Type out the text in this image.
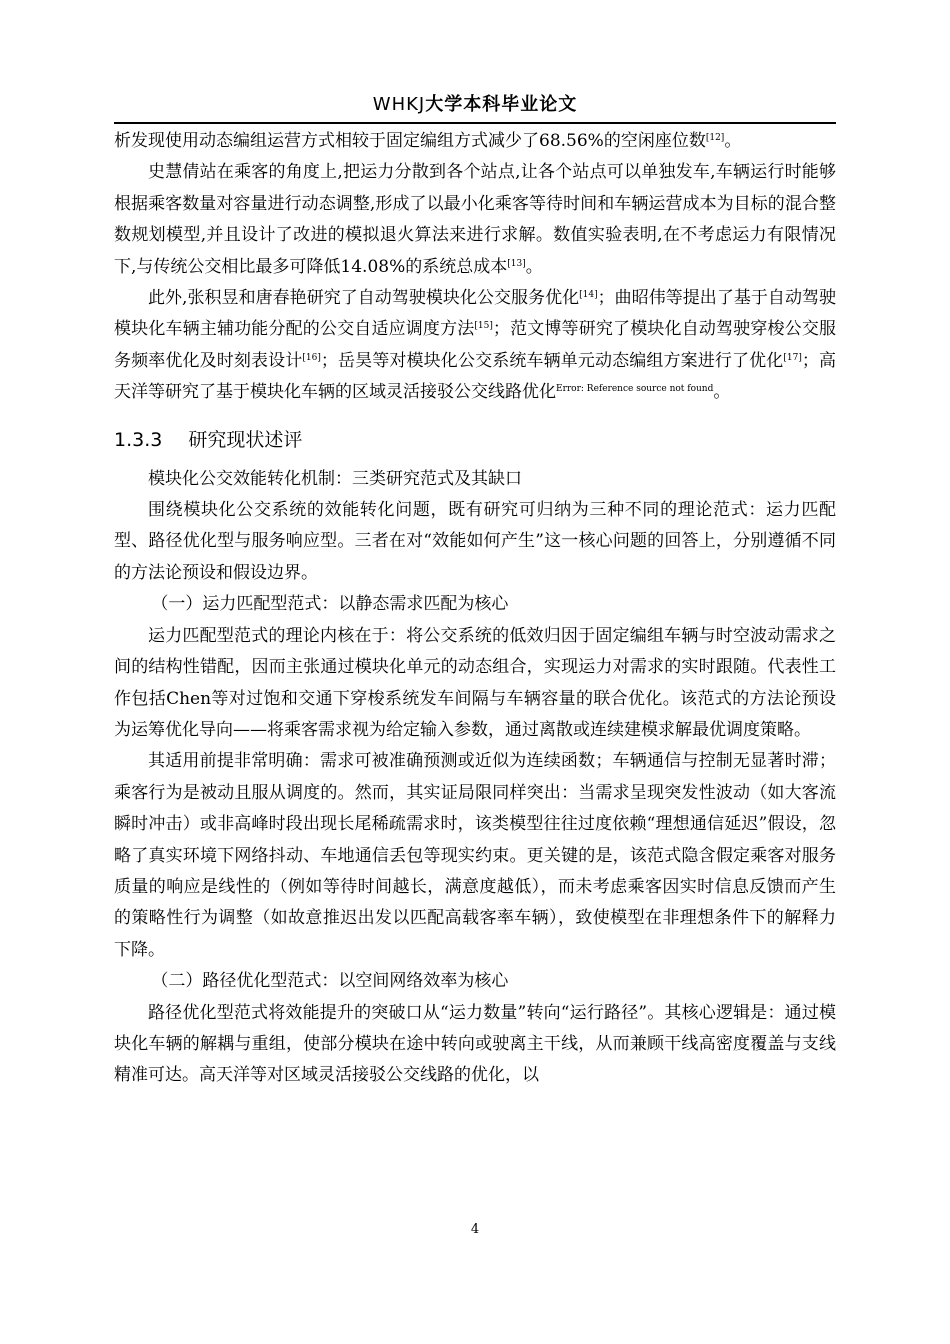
WHKJ大学本科毕业论文

析发现使用动态编组运营方式相较于固定编组方式减少了68.56%的空闲座位数[12]。

史慧倩站在乘客的角度上,把运力分散到各个站点,让各个站点可以单独发车,车辆运行时能够根据乘客数量对容量进行动态调整,形成了以最小化乘客等待时间和车辆运营成本为目标的混合整数规划模型,并且设计了改进的模拟退火算法来进行求解。数值实验表明,在不考虑运力有限情况下,与传统公交相比最多可降低14.08%的系统总成本[13]。

此外,张积昱和唐春艳研究了自动驾驶模块化公交服务优化[14]；曲昭伟等提出了基于自动驾驶模块化车辆主辅功能分配的公交自适应调度方法[15]；范文博等研究了模块化自动驾驶穿梭公交服务频率优化及时刻表设计[16]；岳昊等对模块化公交系统车辆单元动态编组方案进行了优化[17]；高天洋等研究了基于模块化车辆的区域灵活接驳公交线路优化$^{Error: Reference source not found}$。

1.3.3 研究现状述评

模块化公交效能转化机制：三类研究范式及其缺口

围绕模块化公交系统的效能转化问题，既有研究可归纳为三种不同的理论范式：运力匹配型、路径优化型与服务响应型。三者在对“效能如何产生”这一核心问题的回答上，分别遵循不同的方法论预设和假设边界。

（一）运力匹配型范式：以静态需求匹配为核心

运力匹配型范式的理论内核在于：将公交系统的低效归因于固定编组车辆与时空波动需求之间的结构性错配，因而主张通过模块化单元的动态组合，实现运力对需求的实时跟随。代表性工作包括Chen等对过饱和交通下穿梭系统发车间隔与车辆容量的联合优化。该范式的方法论预设为运筹优化导向——将乘客需求视为给定输入参数，通过离散或连续建模求解最优调度策略。

其适用前提非常明确：需求可被准确预测或近似为连续函数；车辆通信与控制无显著时滞；乘客行为是被动且服从调度的。然而，其实证局限同样突出：当需求呈现突发性波动（如大客流瞬时冲击）或非高峰时段出现长尾稀疏需求时，该类模型往往过度依赖“理想通信延迟”假设，忽略了真实环境下网络抖动、车地通信丢包等现实约束。更关键的是，该范式隐含假定乘客对服务质量的响应是线性的（例如等待时间越长，满意度越低），而未考虑乘客因实时信息反馈而产生的策略性行为调整（如故意推迟出发以匹配高载客率车辆），致使模型在非理想条件下的解释力下降。

（二）路径优化型范式：以空间网络效率为核心

路径优化型范式将效能提升的突破口从“运力数量”转向“运行路径”。其核心逻辑是：通过模块化车辆的解耦与重组，使部分模块在途中转向或驶离主干线，从而兼顾干线高密度覆盖与支线精准可达。高天洋等对区域灵活接驳公交线路的优化，以

4
